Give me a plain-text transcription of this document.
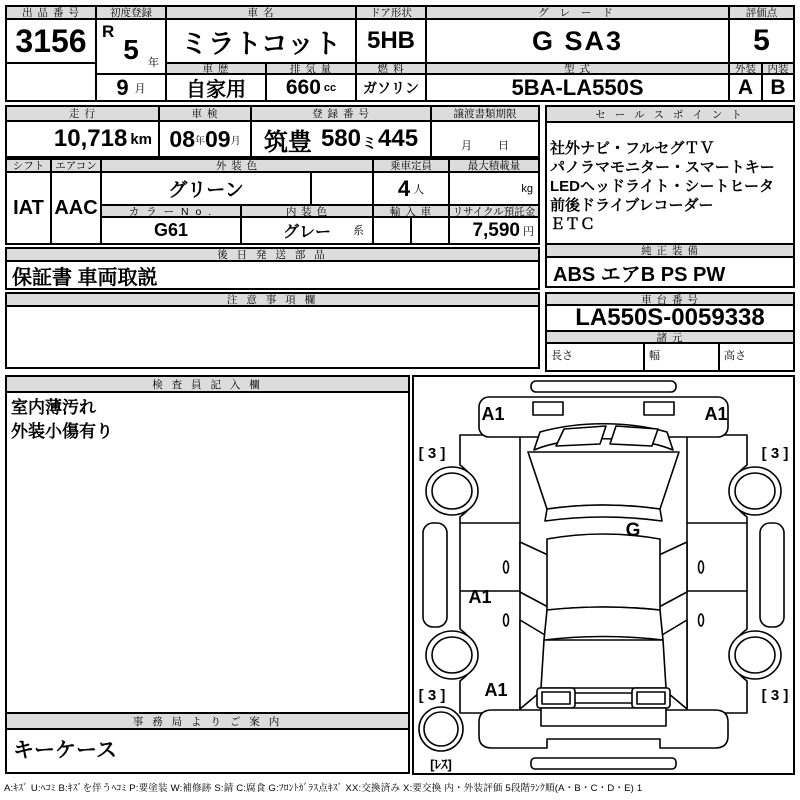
出 品 番 号
3156
初度登録
R
5 年
9 月
車 名
ミラトコット
ドア形状
5HB
グ レ ー ド
G SA3
評価点
5
車 歴
自家用
排 気 量
660 cc
燃 料
ガソリン
型 式
5BA-LA550S
外装	内装
A B
走 行
10,718 km
車 検
08 年 09 月
登 録 番 号
筑豊 580 ミ 445
譲渡書類期限
月 日
シフト
IAT
エアコン
AAC
外 装 色
グリーン
乗車定員
4 人
最大積載量
kg
カ ラ ー N o .
G61
内 装 色
グレー 系
輸 入 車	リサイクル預託金
7,590 円
後 日 発 送 部 品
保証書 車両取説
注 意 事 項 欄
セ ー ル ス ポ イ ン ト
社外ナビ・フルセグＴＶ
パノラマモニター・スマートキー
LEDヘッドライト・シートヒータ
前後ドライブレコーダー
ＥＴＣ
純 正 装 備
ABS エアB PS PW
車 台 番 号
LA550S-0059338
諸 元
長さ	幅	高さ
検 査 員 記 入 欄
室内薄汚れ
外装小傷有り
事 務 局 よ り ご 案 内
キーケース
A1	A1
[ 3 ]	[ 3 ]
G
A1
A1
[ 3 ]	[ 3 ]
[ﾚｽ]
A:ｷｽﾞ U:ﾍｺﾐ B:ｷｽﾞを伴うﾍｺﾐ P:要塗装 W:補修跡 S:錆 C:腐食 G:ﾌﾛﾝﾄｶﾞﾗｽ点ｷｽﾞ XX:交換済み X:要交換 内・外装評価 5段階ﾗﾝｸ順(A・B・C・D・E) 1
